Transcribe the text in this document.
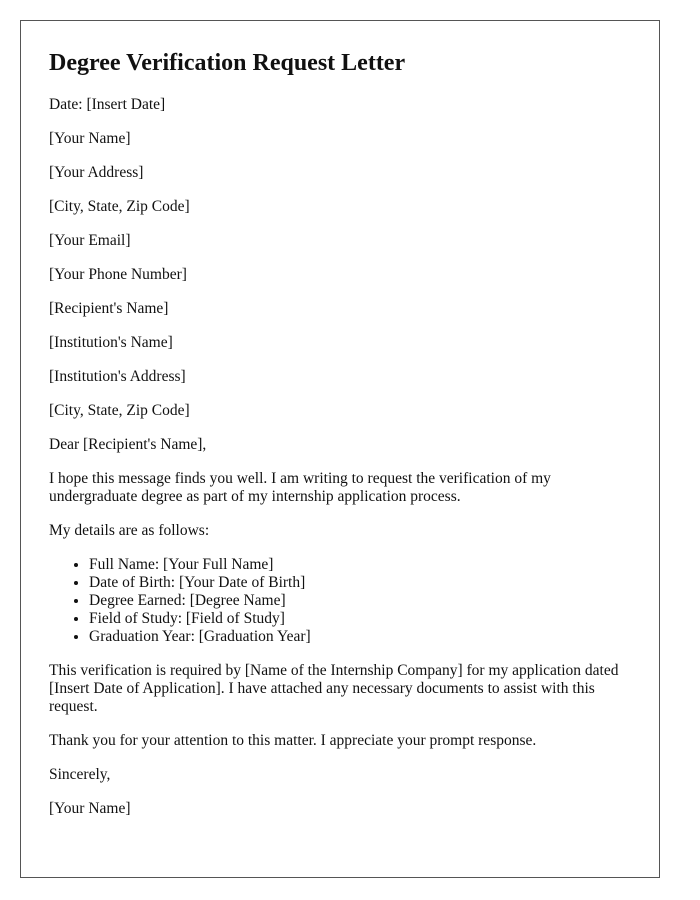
Degree Verification Request Letter

Date: [Insert Date]

[Your Name]

[Your Address]

[City, State, Zip Code]

[Your Email]

[Your Phone Number]

[Recipient's Name]

[Institution's Name]

[Institution's Address]

[City, State, Zip Code]

Dear [Recipient's Name],

I hope this message finds you well. I am writing to request the verification of my undergraduate degree as part of my internship application process.

My details are as follows:

• Full Name: [Your Full Name]
• Date of Birth: [Your Date of Birth]
• Degree Earned: [Degree Name]
• Field of Study: [Field of Study]
• Graduation Year: [Graduation Year]

This verification is required by [Name of the Internship Company] for my application dated [Insert Date of Application]. I have attached any necessary documents to assist with this request.

Thank you for your attention to this matter. I appreciate your prompt response.

Sincerely,

[Your Name]
